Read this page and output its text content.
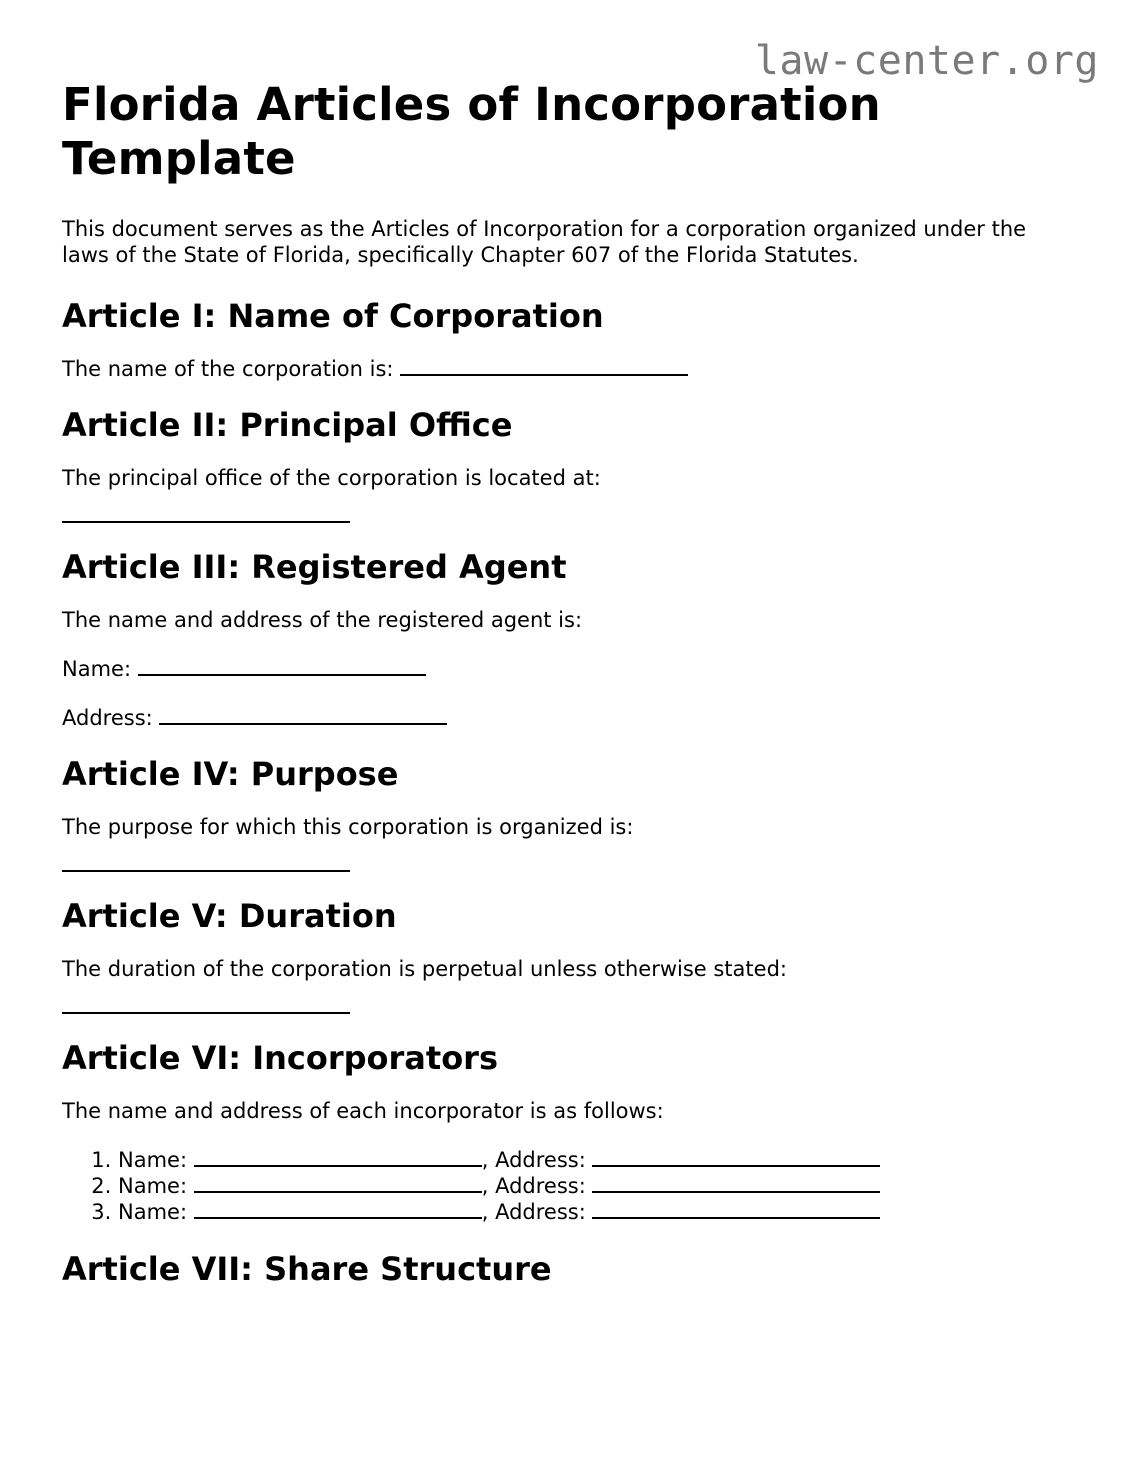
law-center.org
Florida Articles of Incorporation Template

This document serves as the Articles of Incorporation for a corporation organized under the laws of the State of Florida, specifically Chapter 607 of the Florida Statutes.

Article I: Name of Corporation

The name of the corporation is:

Article II: Principal Office

The principal office of the corporation is located at:

Article III: Registered Agent

The name and address of the registered agent is:

Name:

Address:

Article IV: Purpose

The purpose for which this corporation is organized is:

Article V: Duration

The duration of the corporation is perpetual unless otherwise stated:

Article VI: Incorporators

The name and address of each incorporator is as follows:

1. Name:	, Address:
2. Name:	, Address:
3. Name:	, Address:
Article VII: Share Structure
